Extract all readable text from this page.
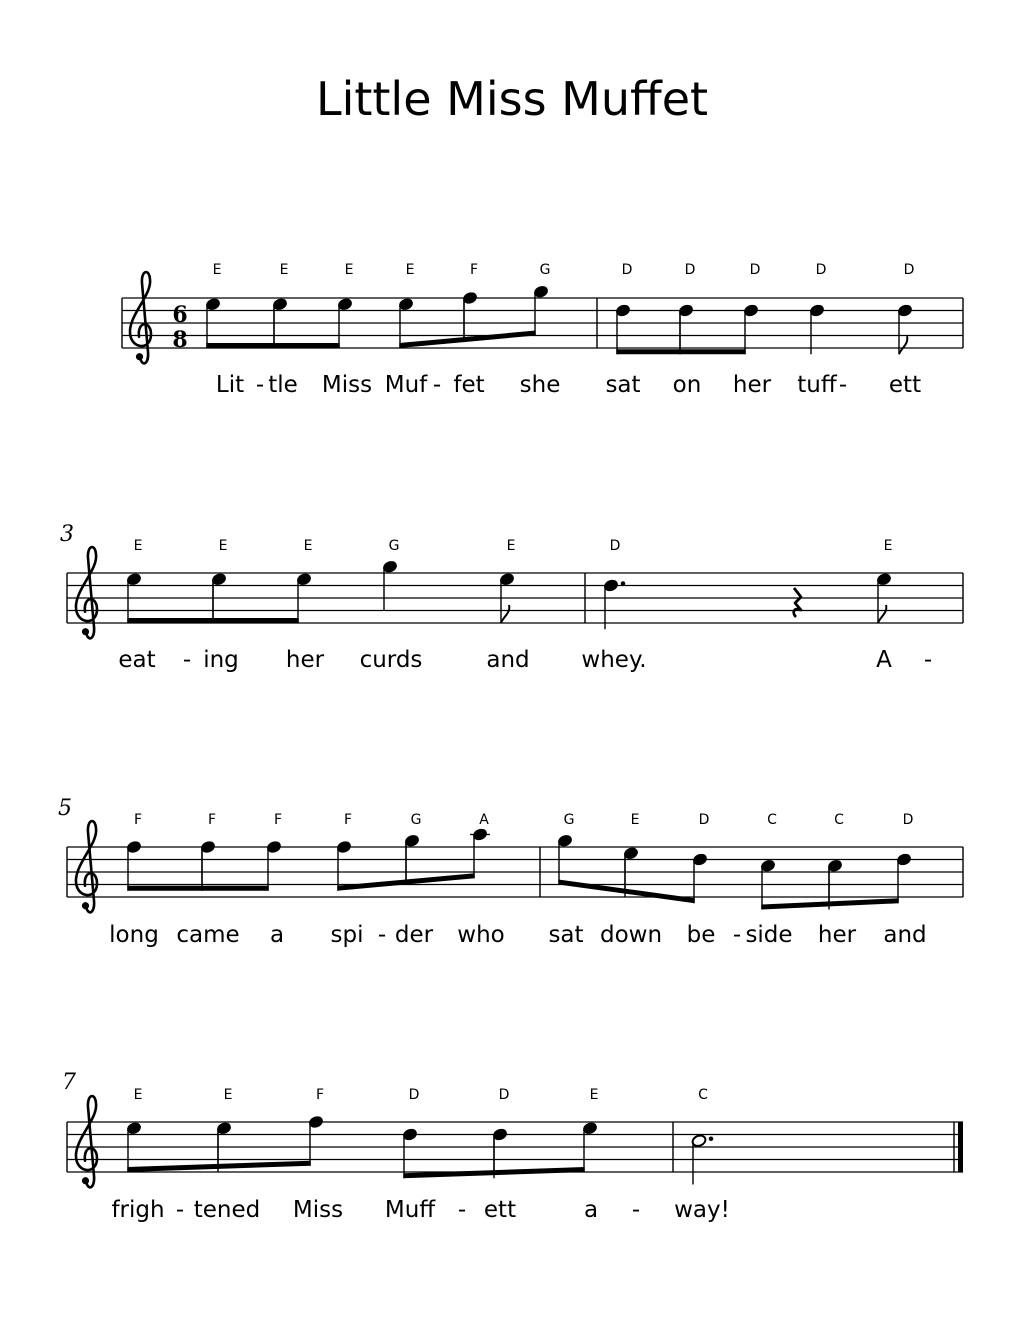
Little Miss Muffet
6
8
E	E	E	E	F	G	D	D	D	D	D
Lit - tle Miss Muf - fet she sat on her tuff - ett
3	E	E	E	G	E	D	E
eat - ing her curds	and whey.	A -
5	F	F	F	F	G	A	G	E	D	C	C	D
long came a spi - der who sat down be - side her and
7	E	E	F	D	D	E	C
frigh - tened Miss Muff - ett	a - way!
